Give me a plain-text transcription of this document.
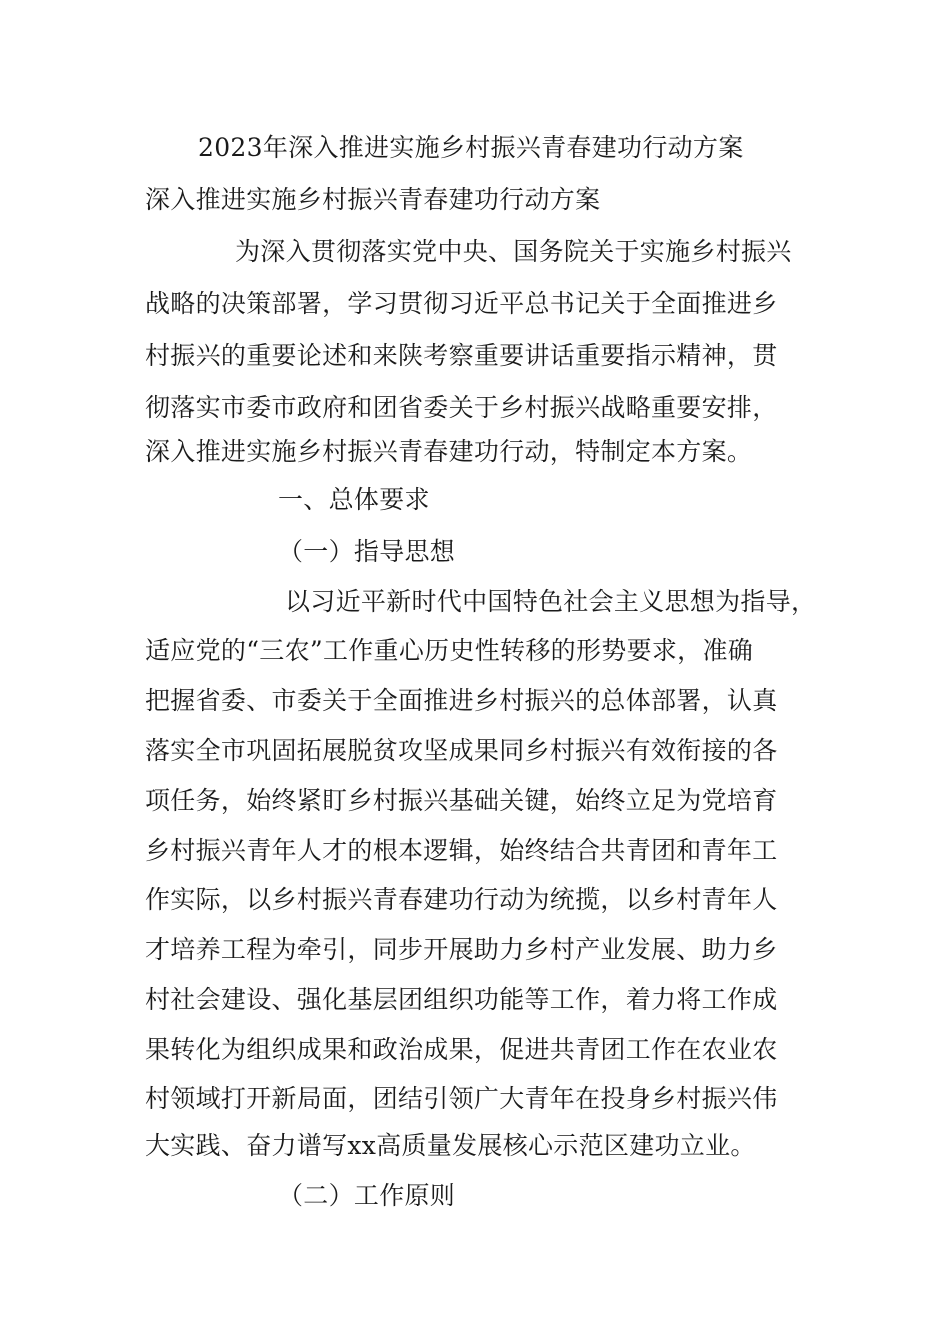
2023年深入推进实施乡村振兴青春建功行动方案
深入推进实施乡村振兴青春建功行动方案
为深入贯彻落实党中央、国务院关于实施乡村振兴
战略的决策部署，学习贯彻习近平总书记关于全面推进乡
村振兴的重要论述和来陕考察重要讲话重要指示精神，贯
彻落实市委市政府和团省委关于乡村振兴战略重要安排，
深入推进实施乡村振兴青春建功行动，特制定本方案。
一、总体要求
（一）指导思想
以习近平新时代中国特色社会主义思想为指导，
适应党的“三农”工作重心历史性转移的形势要求，准确
把握省委、市委关于全面推进乡村振兴的总体部署，认真
落实全市巩固拓展脱贫攻坚成果同乡村振兴有效衔接的各
项任务，始终紧盯乡村振兴基础关键，始终立足为党培育
乡村振兴青年人才的根本逻辑，始终结合共青团和青年工
作实际，以乡村振兴青春建功行动为统揽，以乡村青年人
才培养工程为牵引，同步开展助力乡村产业发展、助力乡
村社会建设、强化基层团组织功能等工作，着力将工作成
果转化为组织成果和政治成果，促进共青团工作在农业农
村领域打开新局面，团结引领广大青年在投身乡村振兴伟
大实践、奋力谱写xx高质量发展核心示范区建功立业。
（二）工作原则
